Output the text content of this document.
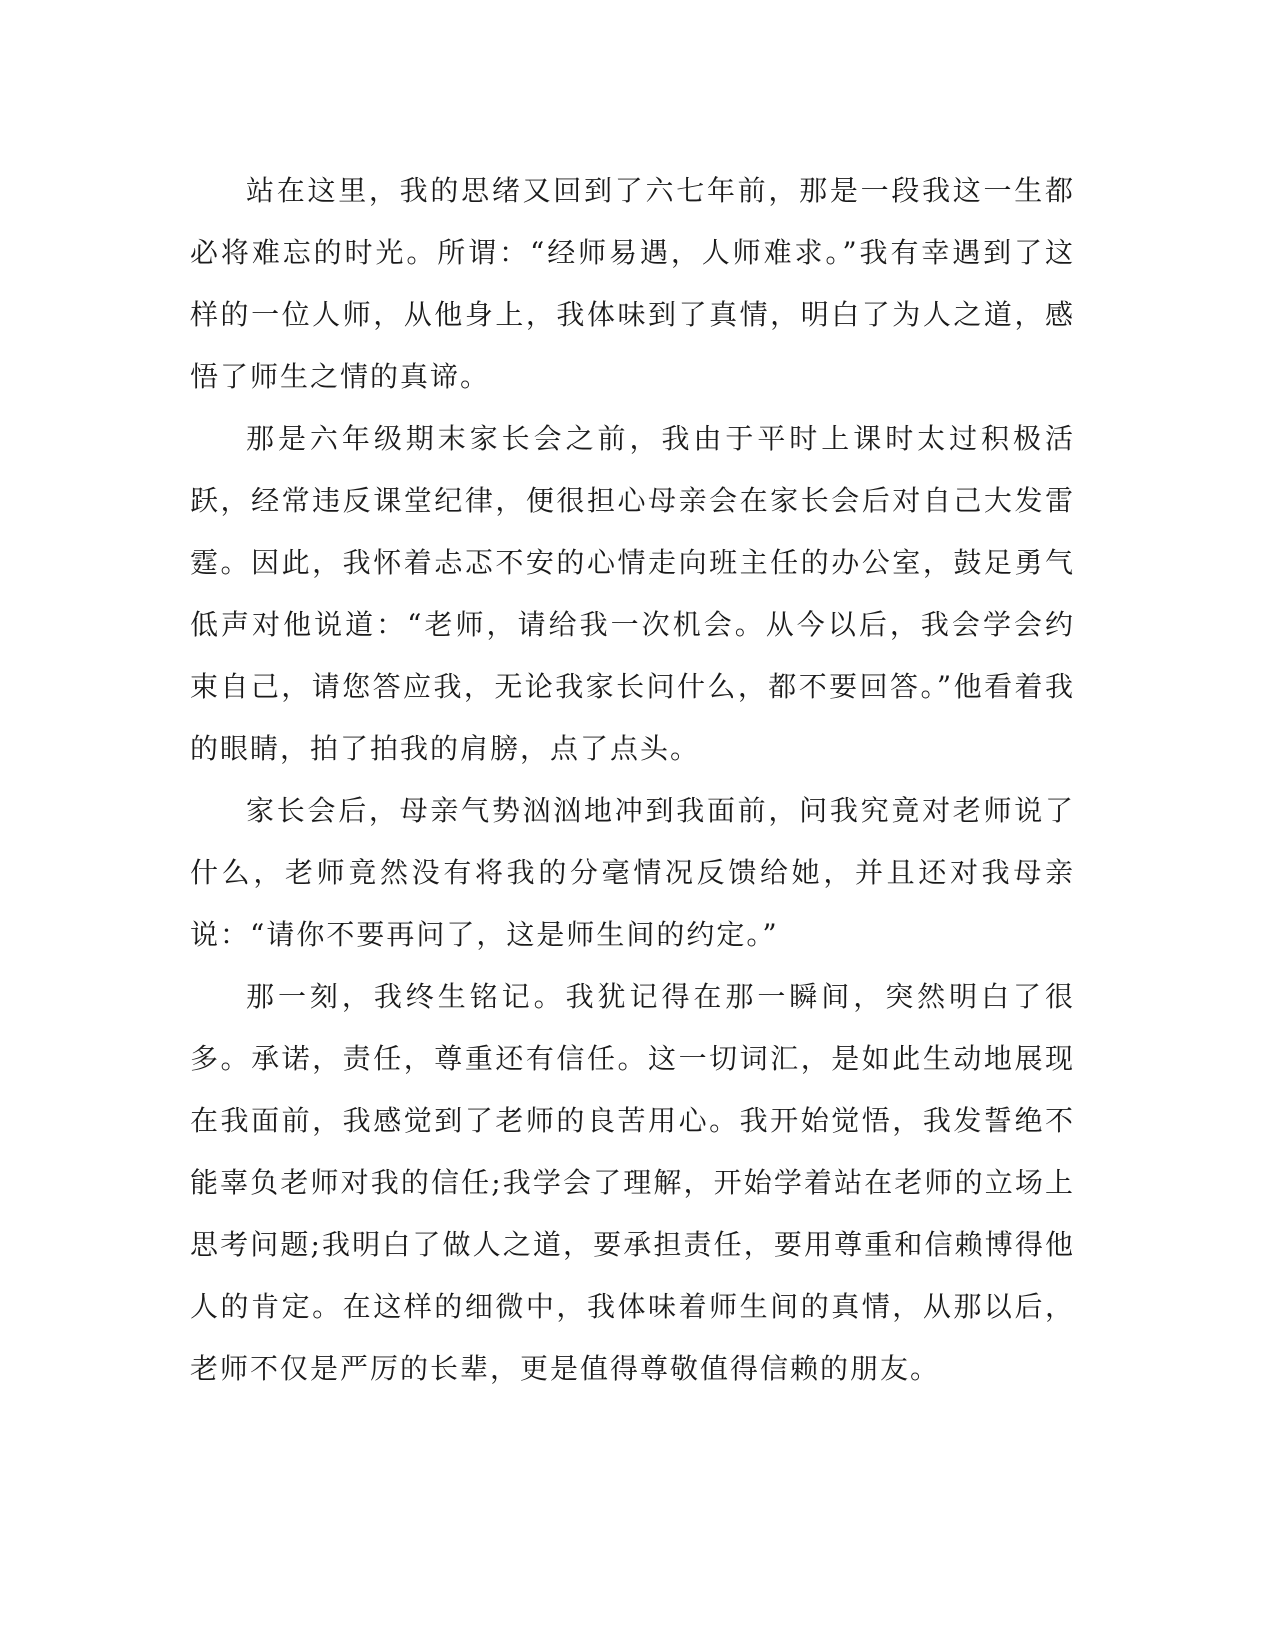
站在这里，我的思绪又回到了六七年前，那是一段我这一生都必将难忘的时光。所谓：“经师易遇，人师难求。”我有幸遇到了这样的一位人师，从他身上，我体味到了真情，明白了为人之道，感悟了师生之情的真谛。

那是六年级期末家长会之前，我由于平时上课时太过积极活跃，经常违反课堂纪律，便很担心母亲会在家长会后对自己大发雷霆。因此，我怀着忐忑不安的心情走向班主任的办公室，鼓足勇气低声对他说道：“老师，请给我一次机会。从今以后，我会学会约束自己，请您答应我，无论我家长问什么，都不要回答。”他看着我的眼睛，拍了拍我的肩膀，点了点头。

家长会后，母亲气势汹汹地冲到我面前，问我究竟对老师说了什么，老师竟然没有将我的分毫情况反馈给她，并且还对我母亲说：“请你不要再问了，这是师生间的约定。”

那一刻，我终生铭记。我犹记得在那一瞬间，突然明白了很多。承诺，责任，尊重还有信任。这一切词汇，是如此生动地展现在我面前，我感觉到了老师的良苦用心。我开始觉悟，我发誓绝不能辜负老师对我的信任;我学会了理解，开始学着站在老师的立场上思考问题;我明白了做人之道，要承担责任，要用尊重和信赖博得他人的肯定。在这样的细微中，我体味着师生间的真情，从那以后，老师不仅是严厉的长辈，更是值得尊敬值得信赖的朋友。
